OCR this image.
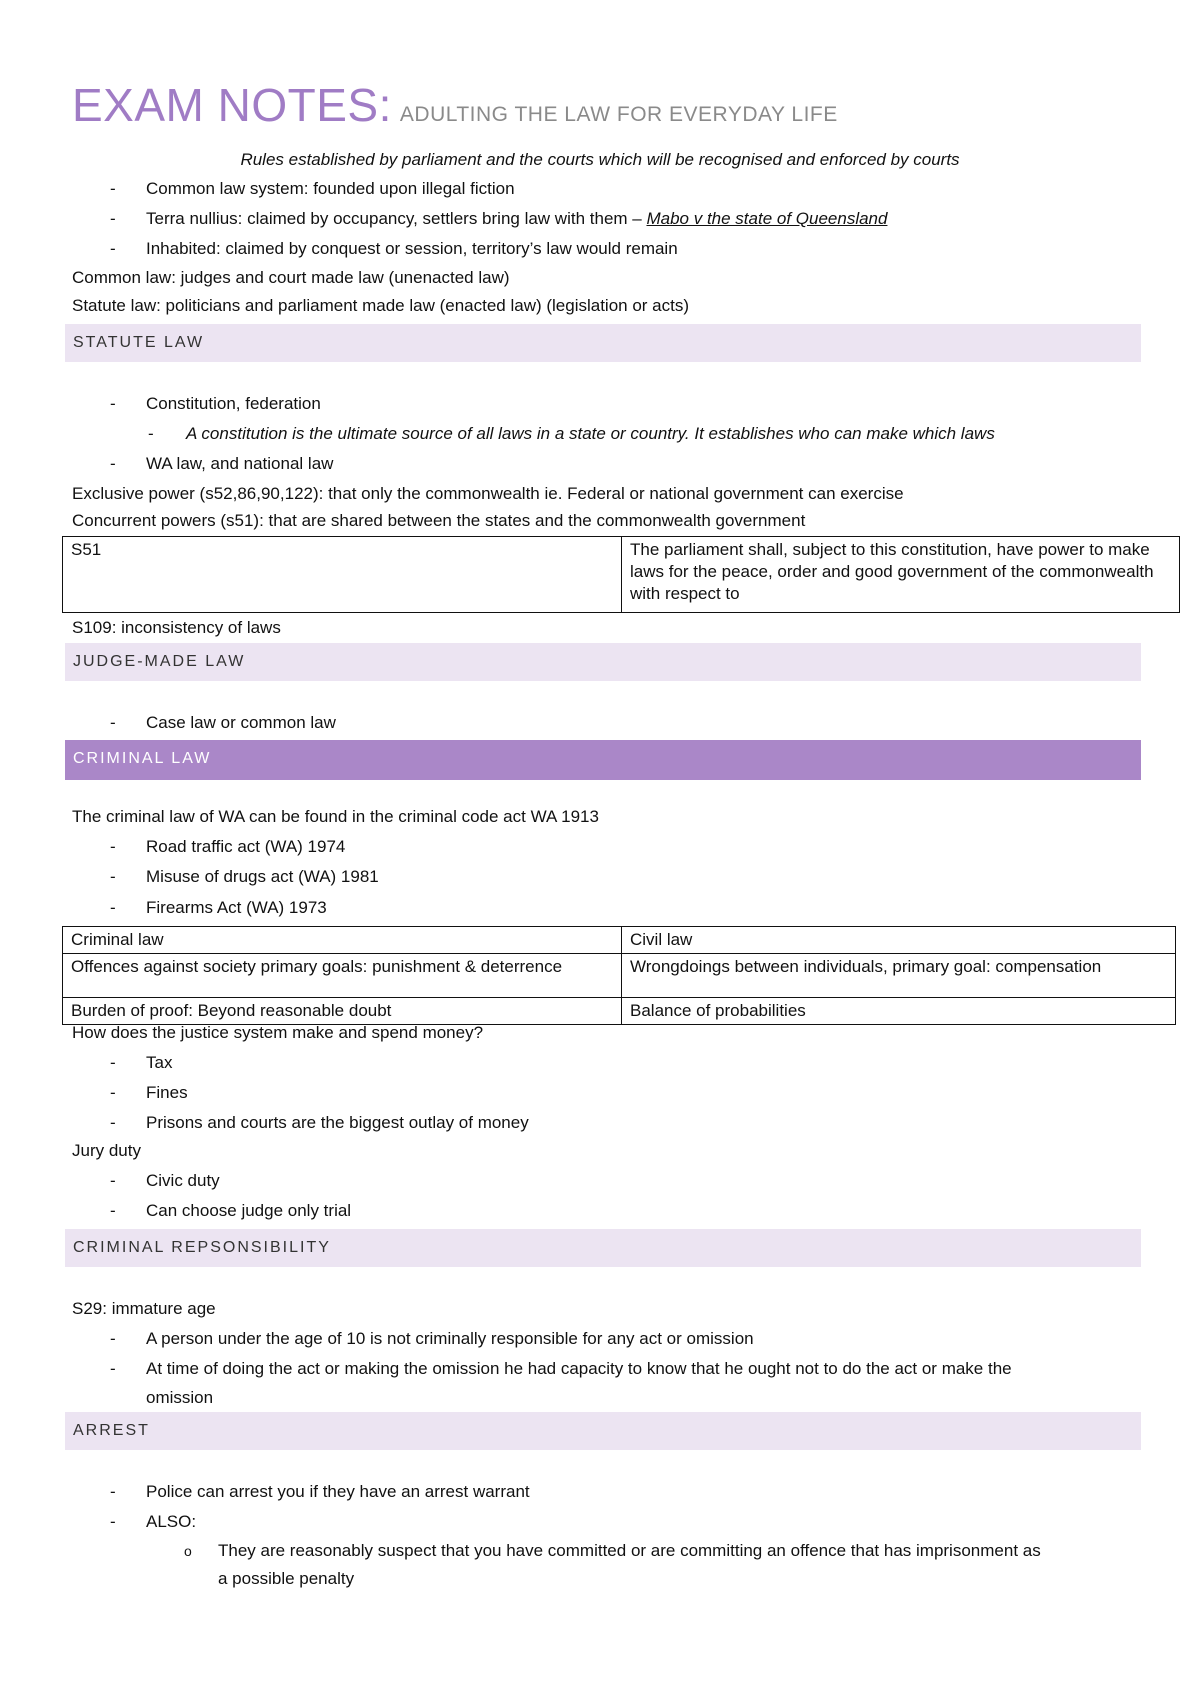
EXAM NOTES: ADULTING THE LAW FOR EVERYDAY LIFE
Rules established by parliament and the courts which will be recognised and enforced by courts
- Common law system: founded upon illegal fiction
- Terra nullius: claimed by occupancy, settlers bring law with them – Mabo v the state of Queensland
- Inhabited: claimed by conquest or session, territory’s law would remain
Common law: judges and court made law (unenacted law)
Statute law: politicians and parliament made law (enacted law) (legislation or acts)
STATUTE LAW
- Constitution, federation
- A constitution is the ultimate source of all laws in a state or country. It establishes who can make which laws
- WA law, and national law
Exclusive power (s52,86,90,122): that only the commonwealth ie. Federal or national government can exercise
Concurrent powers (s51): that are shared between the states and the commonwealth government
S51	The parliament shall, subject to this constitution, have power to make laws for the peace, order and good government of the commonwealth with respect to
S109: inconsistency of laws
JUDGE-MADE LAW
- Case law or common law
CRIMINAL LAW
The criminal law of WA can be found in the criminal code act WA 1913
- Road traffic act (WA) 1974
- Misuse of drugs act (WA) 1981
- Firearms Act (WA) 1973
Criminal law	Civil law
Offences against society primary goals: punishment & deterrence	Wrongdoings between individuals, primary goal: compensation
Burden of proof: Beyond reasonable doubt	Balance of probabilities
How does the justice system make and spend money?
- Tax
- Fines
- Prisons and courts are the biggest outlay of money
Jury duty
- Civic duty
- Can choose judge only trial
CRIMINAL REPSONSIBILITY
S29: immature age
- A person under the age of 10 is not criminally responsible for any act or omission
- At time of doing the act or making the omission he had capacity to know that he ought not to do the act or make the
omission
ARREST
- Police can arrest you if they have an arrest warrant
- ALSO:
o They are reasonably suspect that you have committed or are committing an offence that has imprisonment as
a possible penalty
